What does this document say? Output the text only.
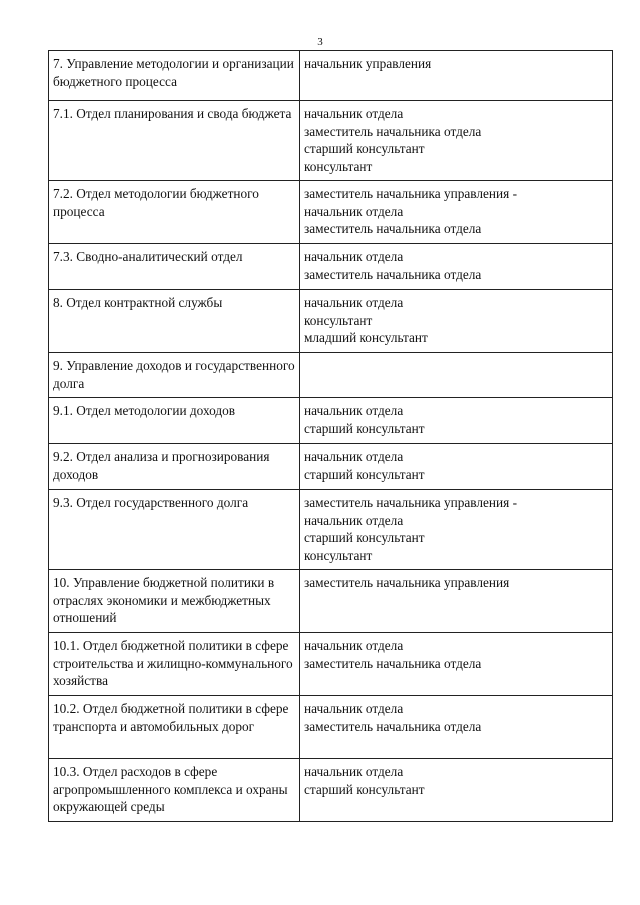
3
7. Управление методологии и организации бюджетного процесса	начальник управления

7.1. Отдел планирования и свода бюджета	начальник отдела
заместитель начальника отдела
старший консультант
консультант

7.2. Отдел методологии бюджетного процесса	заместитель начальника управления -
начальник отдела
заместитель начальника отдела

7.3. Сводно-аналитический отдел	начальник отдела
заместитель начальника отдела

8. Отдел контрактной службы	начальник отдела
консультант
младший консультант

9. Управление доходов и государственного долга	

9.1. Отдел методологии доходов	начальник отдела
старший консультант

9.2. Отдел анализа и прогнозирования доходов	начальник отдела
старший консультант

9.3. Отдел государственного долга	заместитель начальника управления -
начальник отдела
старший консультант
консультант

10. Управление бюджетной политики в отраслях экономики и межбюджетных отношений	заместитель начальника управления

10.1. Отдел бюджетной политики в сфере строительства и жилищно-коммунального хозяйства	начальник отдела
заместитель начальника отдела

10.2. Отдел бюджетной политики в сфере транспорта и автомобильных дорог	начальник отдела
заместитель начальника отдела

10.3. Отдел расходов в сфере агропромышленного комплекса и охраны окружающей среды	начальник отдела
старший консультант
